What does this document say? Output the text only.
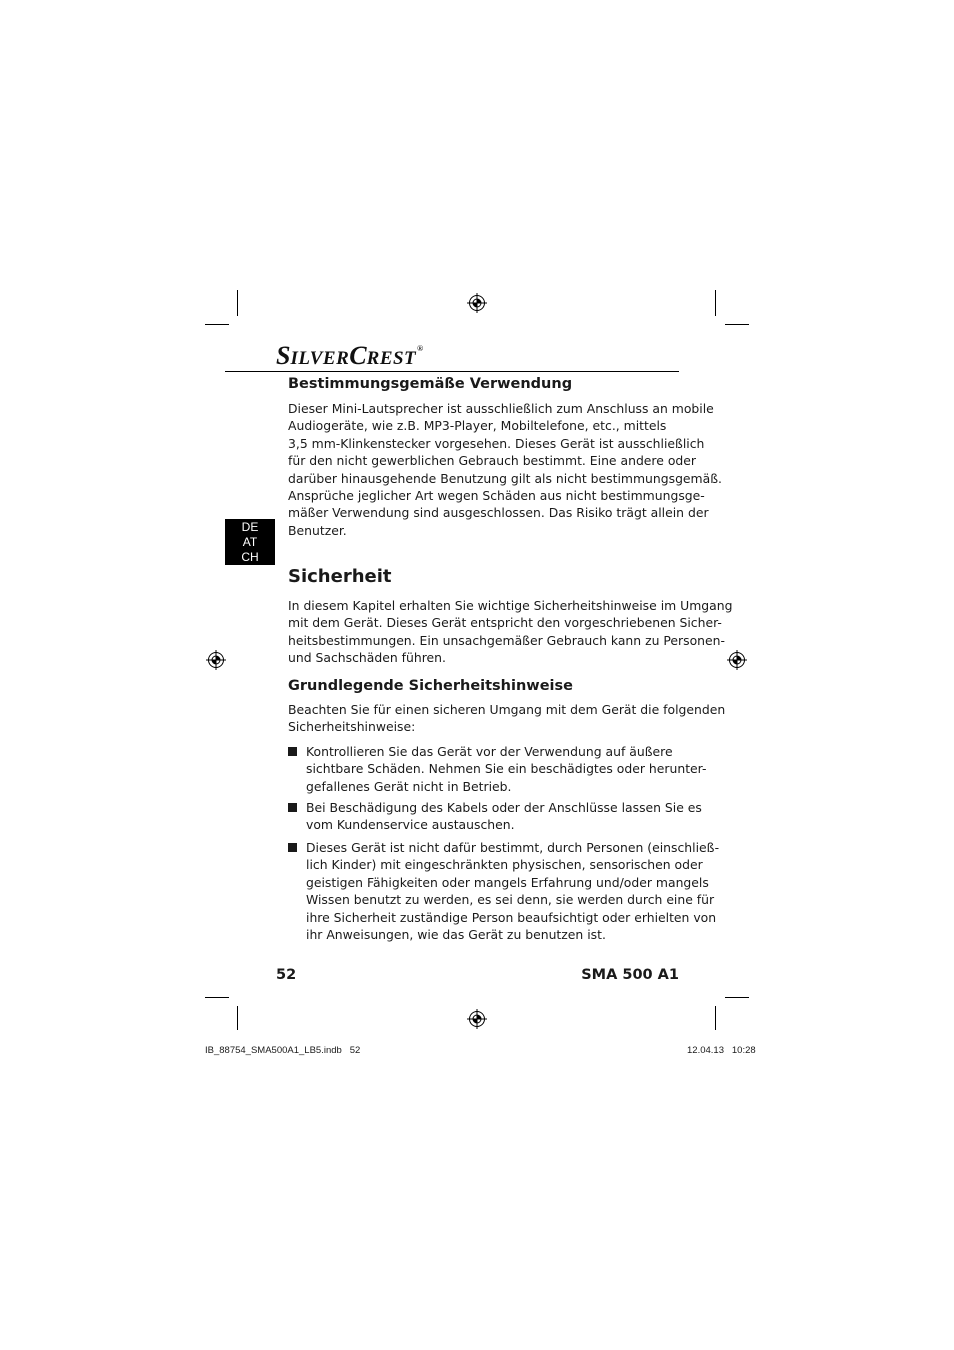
SILVERCREST®
Bestimmungsgemäße Verwendung
Dieser Mini-Lautsprecher ist ausschließlich zum Anschluss an mobile
Audiogeräte, wie z.B. MP3-Player, Mobiltelefone, etc., mittels
3,5 mm-Klinkenstecker vorgesehen. Dieses Gerät ist ausschließlich
für den nicht gewerblichen Gebrauch bestimmt. Eine andere oder
darüber hinausgehende Benutzung gilt als nicht bestimmungsgemäß.
Ansprüche jeglicher Art wegen Schäden aus nicht bestimmungsge-
mäßer Verwendung sind ausgeschlossen. Das Risiko trägt allein der
Benutzer.
DE
AT
CH
Sicherheit
In diesem Kapitel erhalten Sie wichtige Sicherheitshinweise im Umgang
mit dem Gerät. Dieses Gerät entspricht den vorgeschriebenen Sicher-
heitsbestimmungen. Ein unsachgemäßer Gebrauch kann zu Personen-
und Sachschäden führen.
Grundlegende Sicherheitshinweise
Beachten Sie für einen sicheren Umgang mit dem Gerät die folgenden
Sicherheitshinweise:
Kontrollieren Sie das Gerät vor der Verwendung auf äußere
sichtbare Schäden. Nehmen Sie ein beschädigtes oder herunter-
gefallenes Gerät nicht in Betrieb.
Bei Beschädigung des Kabels oder der Anschlüsse lassen Sie es
vom Kundenservice austauschen.
Dieses Gerät ist nicht dafür bestimmt, durch Personen (einschließ-
lich Kinder) mit eingeschränkten physischen, sensorischen oder
geistigen Fähigkeiten oder mangels Erfahrung und/oder mangels
Wissen benutzt zu werden, es sei denn, sie werden durch eine für
ihre Sicherheit zuständige Person beaufsichtigt oder erhielten von
ihr Anweisungen, wie das Gerät zu benutzen ist.
52	SMA 500 A1
IB_88754_SMA500A1_LB5.indb   52	12.04.13   10:28
